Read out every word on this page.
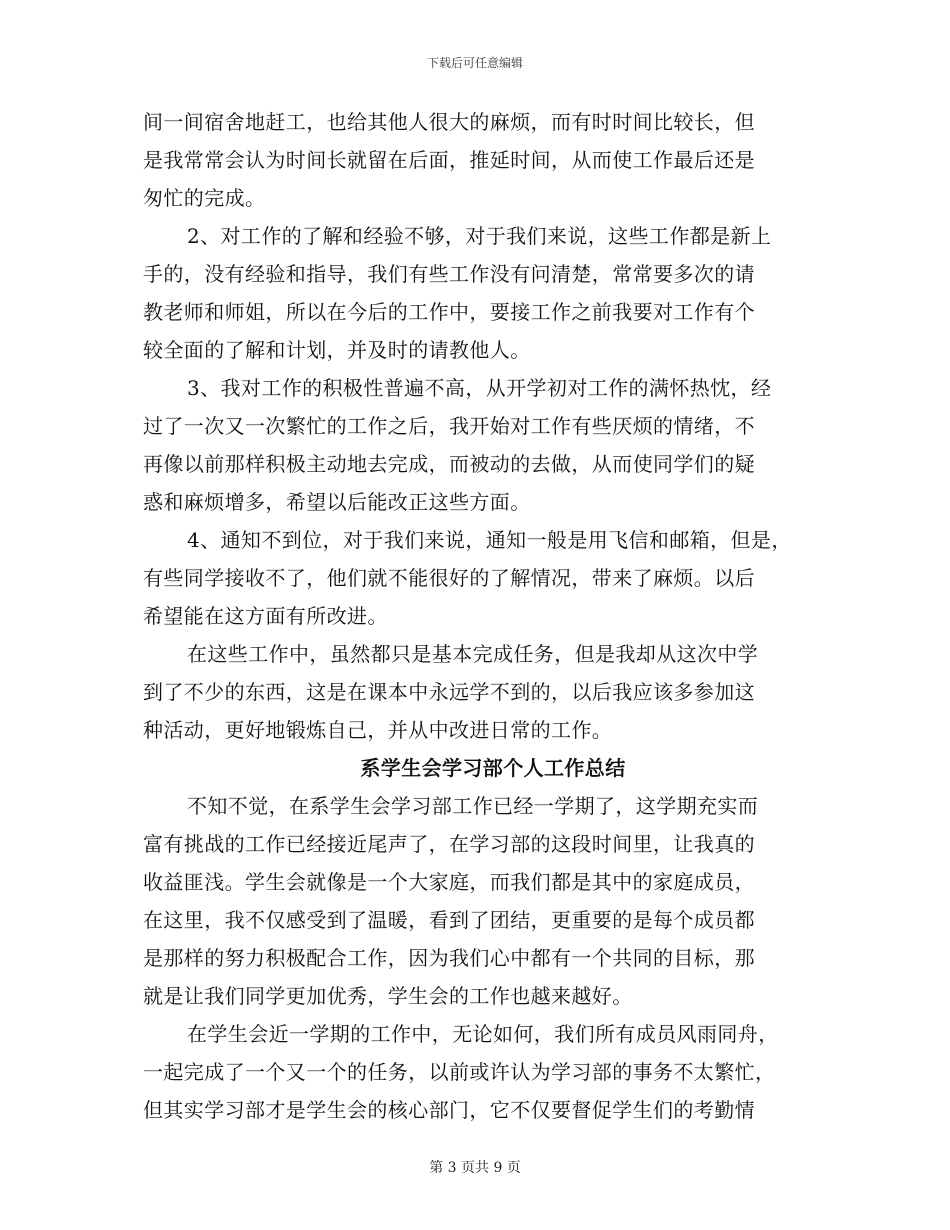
下载后可任意编辑
间一间宿舍地赶工，也给其他人很大的麻烦，而有时时间比较长，但
是我常常会认为时间长就留在后面，推延时间，从而使工作最后还是
匆忙的完成。
2、对工作的了解和经验不够，对于我们来说，这些工作都是新上
手的，没有经验和指导，我们有些工作没有问清楚，常常要多次的请
教老师和师姐，所以在今后的工作中，要接工作之前我要对工作有个
较全面的了解和计划，并及时的请教他人。
3、我对工作的积极性普遍不高，从开学初对工作的满怀热忱，经
过了一次又一次繁忙的工作之后，我开始对工作有些厌烦的情绪，不
再像以前那样积极主动地去完成，而被动的去做，从而使同学们的疑
惑和麻烦增多，希望以后能改正这些方面。
4、通知不到位，对于我们来说，通知一般是用飞信和邮箱，但是，
有些同学接收不了，他们就不能很好的了解情况，带来了麻烦。以后
希望能在这方面有所改进。
在这些工作中，虽然都只是基本完成任务，但是我却从这次中学
到了不少的东西，这是在课本中永远学不到的，以后我应该多参加这
种活动，更好地锻炼自己，并从中改进日常的工作。
系学生会学习部个人工作总结
不知不觉，在系学生会学习部工作已经一学期了，这学期充实而
富有挑战的工作已经接近尾声了，在学习部的这段时间里，让我真的
收益匪浅。学生会就像是一个大家庭，而我们都是其中的家庭成员，
在这里，我不仅感受到了温暖，看到了团结，更重要的是每个成员都
是那样的努力积极配合工作，因为我们心中都有一个共同的目标，那
就是让我们同学更加优秀，学生会的工作也越来越好。
在学生会近一学期的工作中，无论如何，我们所有成员风雨同舟，
一起完成了一个又一个的任务，以前或许认为学习部的事务不太繁忙，
但其实学习部才是学生会的核心部门，它不仅要督促学生们的考勤情
第 3 页共 9 页
